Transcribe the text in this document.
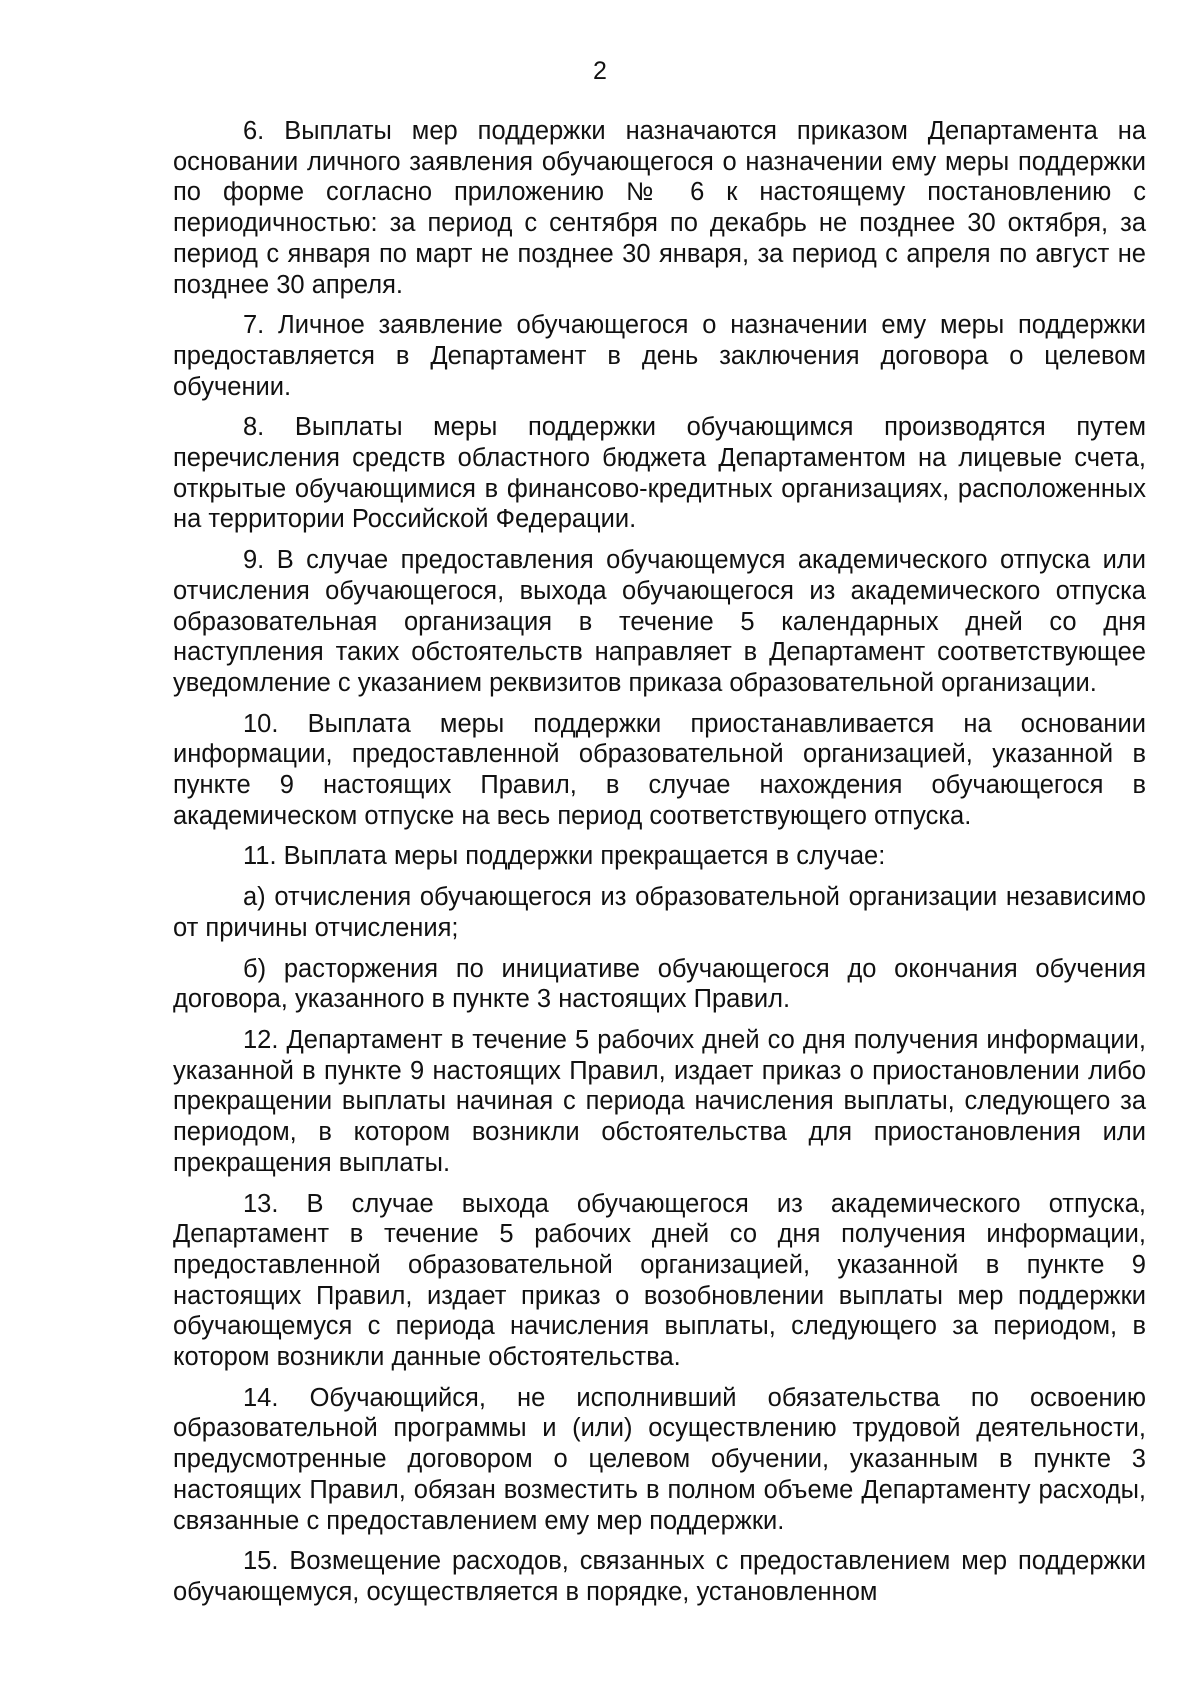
2

6. Выплаты мер поддержки назначаются приказом Департамента на основании личного заявления обучающегося о назначении ему меры поддержки по форме согласно приложению № 6 к настоящему постановлению с периодичностью: за период с сентября по декабрь не позднее 30 октября, за период с января по март не позднее 30 января, за период с апреля по август не позднее 30 апреля.

7. Личное заявление обучающегося о назначении ему меры поддержки предоставляется в Департамент в день заключения договора о целевом обучении.

8. Выплаты меры поддержки обучающимся производятся путем перечисления средств областного бюджета Департаментом на лицевые счета, открытые обучающимися в финансово-кредитных организациях, расположенных на территории Российской Федерации.

9. В случае предоставления обучающемуся академического отпуска или отчисления обучающегося, выхода обучающегося из академического отпуска образовательная организация в течение 5 календарных дней со дня наступления таких обстоятельств направляет в Департамент соответствующее уведомление с указанием реквизитов приказа образовательной организации.

10. Выплата меры поддержки приостанавливается на основании информации, предоставленной образовательной организацией, указанной в пункте 9 настоящих Правил, в случае нахождения обучающегося в академическом отпуске на весь период соответствующего отпуска.

11. Выплата меры поддержки прекращается в случае:

а) отчисления обучающегося из образовательной организации независимо от причины отчисления;

б) расторжения по инициативе обучающегося до окончания обучения договора, указанного в пункте 3 настоящих Правил.

12. Департамент в течение 5 рабочих дней со дня получения информации, указанной в пункте 9 настоящих Правил, издает приказ о приостановлении либо прекращении выплаты начиная с периода начисления выплаты, следующего за периодом, в котором возникли обстоятельства для приостановления или прекращения выплаты.

13. В случае выхода обучающегося из академического отпуска, Департамент в течение 5 рабочих дней со дня получения информации, предоставленной образовательной организацией, указанной в пункте 9 настоящих Правил, издает приказ о возобновлении выплаты мер поддержки обучающемуся с периода начисления выплаты, следующего за периодом, в котором возникли данные обстоятельства.

14. Обучающийся, не исполнивший обязательства по освоению образовательной программы и (или) осуществлению трудовой деятельности, предусмотренные договором о целевом обучении, указанным в пункте 3 настоящих Правил, обязан возместить в полном объеме Департаменту расходы, связанные с предоставлением ему мер поддержки.

15. Возмещение расходов, связанных с предоставлением мер поддержки обучающемуся, осуществляется в порядке, установленном
